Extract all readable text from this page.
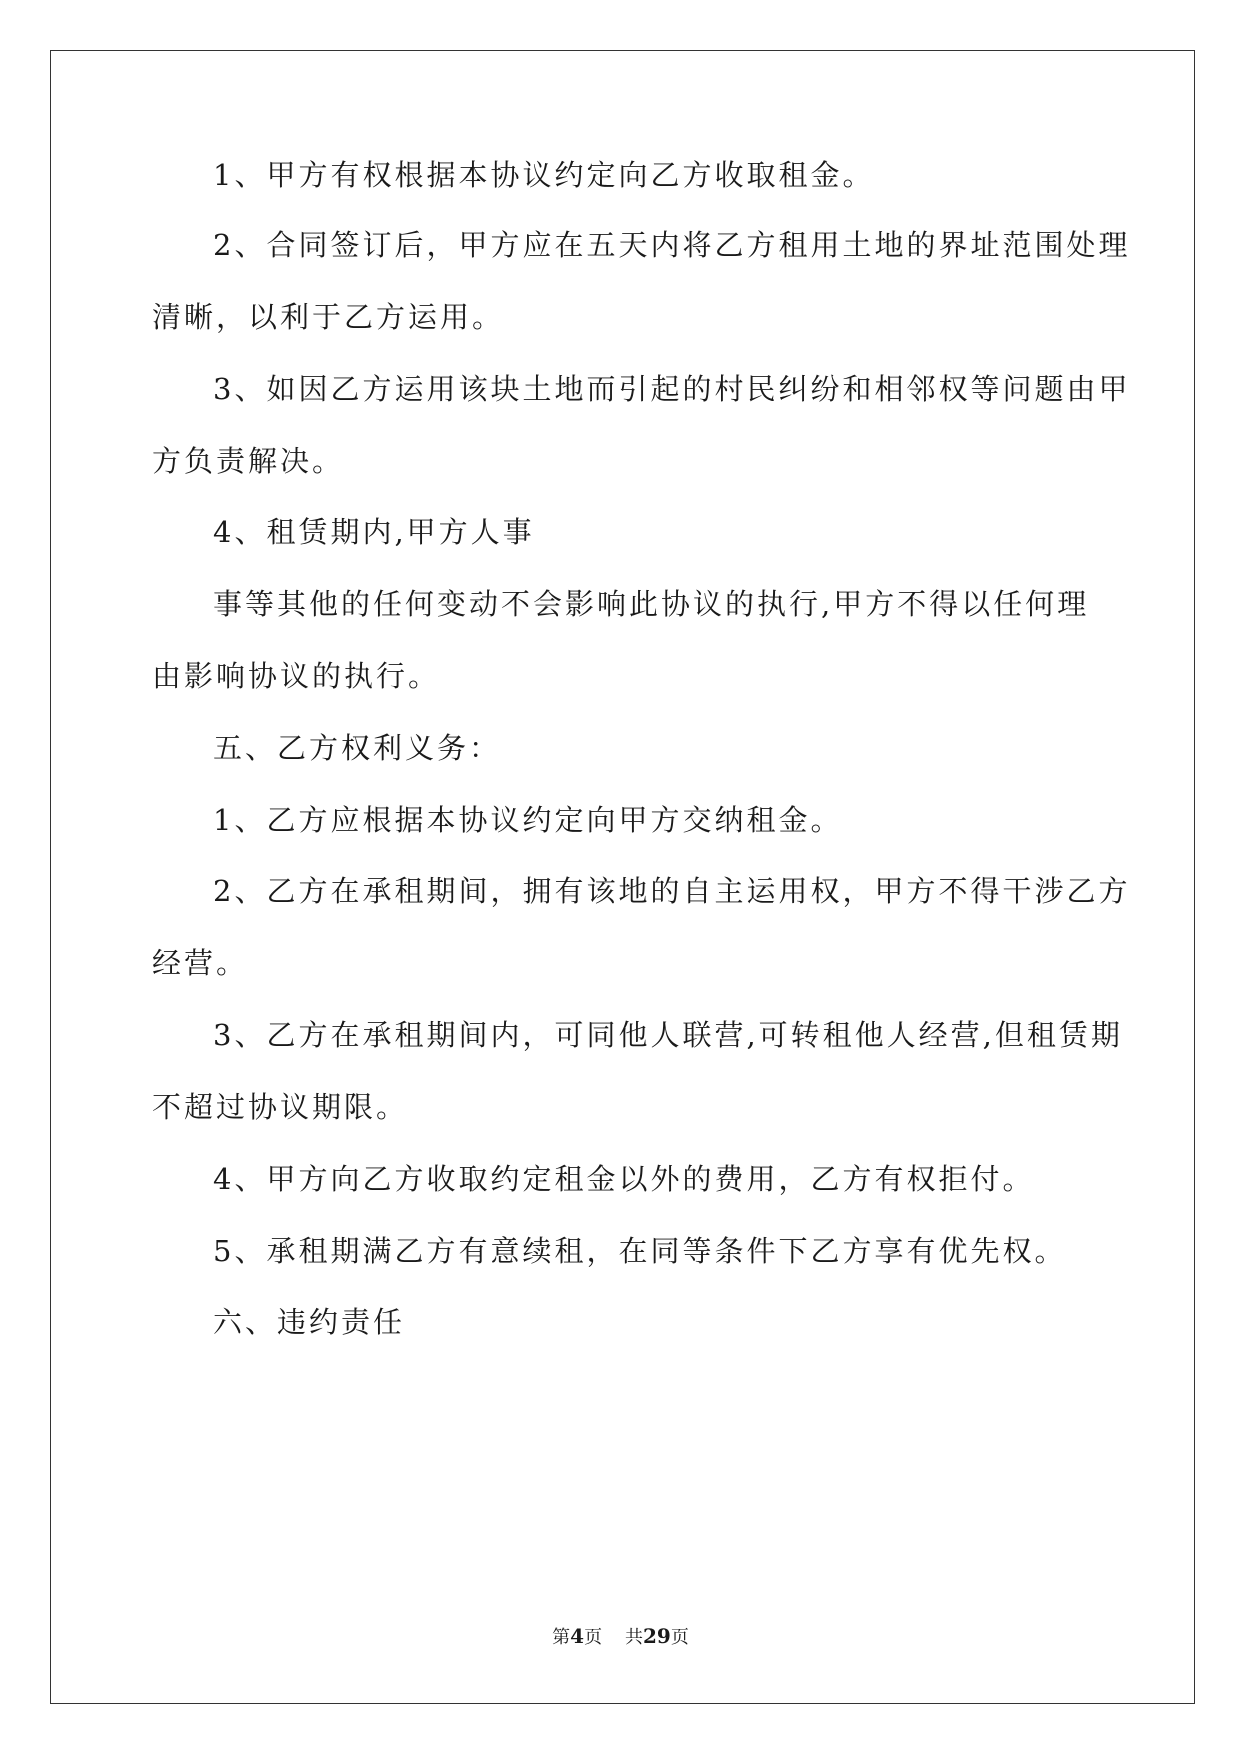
1、甲方有权根据本协议约定向乙方收取租金。
2、合同签订后，甲方应在五天内将乙方租用土地的界址范围处理
清晰，以利于乙方运用。
3、如因乙方运用该块土地而引起的村民纠纷和相邻权等问题由甲
方负责解决。
4、租赁期内,甲方人事
事等其他的任何变动不会影响此协议的执行,甲方不得以任何理
由影响协议的执行。
五、乙方权利义务：
1、乙方应根据本协议约定向甲方交纳租金。
2、乙方在承租期间，拥有该地的自主运用权，甲方不得干涉乙方
经营。
3、乙方在承租期间内，可同他人联营,可转租他人经营,但租赁期
不超过协议期限。
4、甲方向乙方收取约定租金以外的费用，乙方有权拒付。
5、承租期满乙方有意续租，在同等条件下乙方享有优先权。
六、违约责任
第4页 共29页
